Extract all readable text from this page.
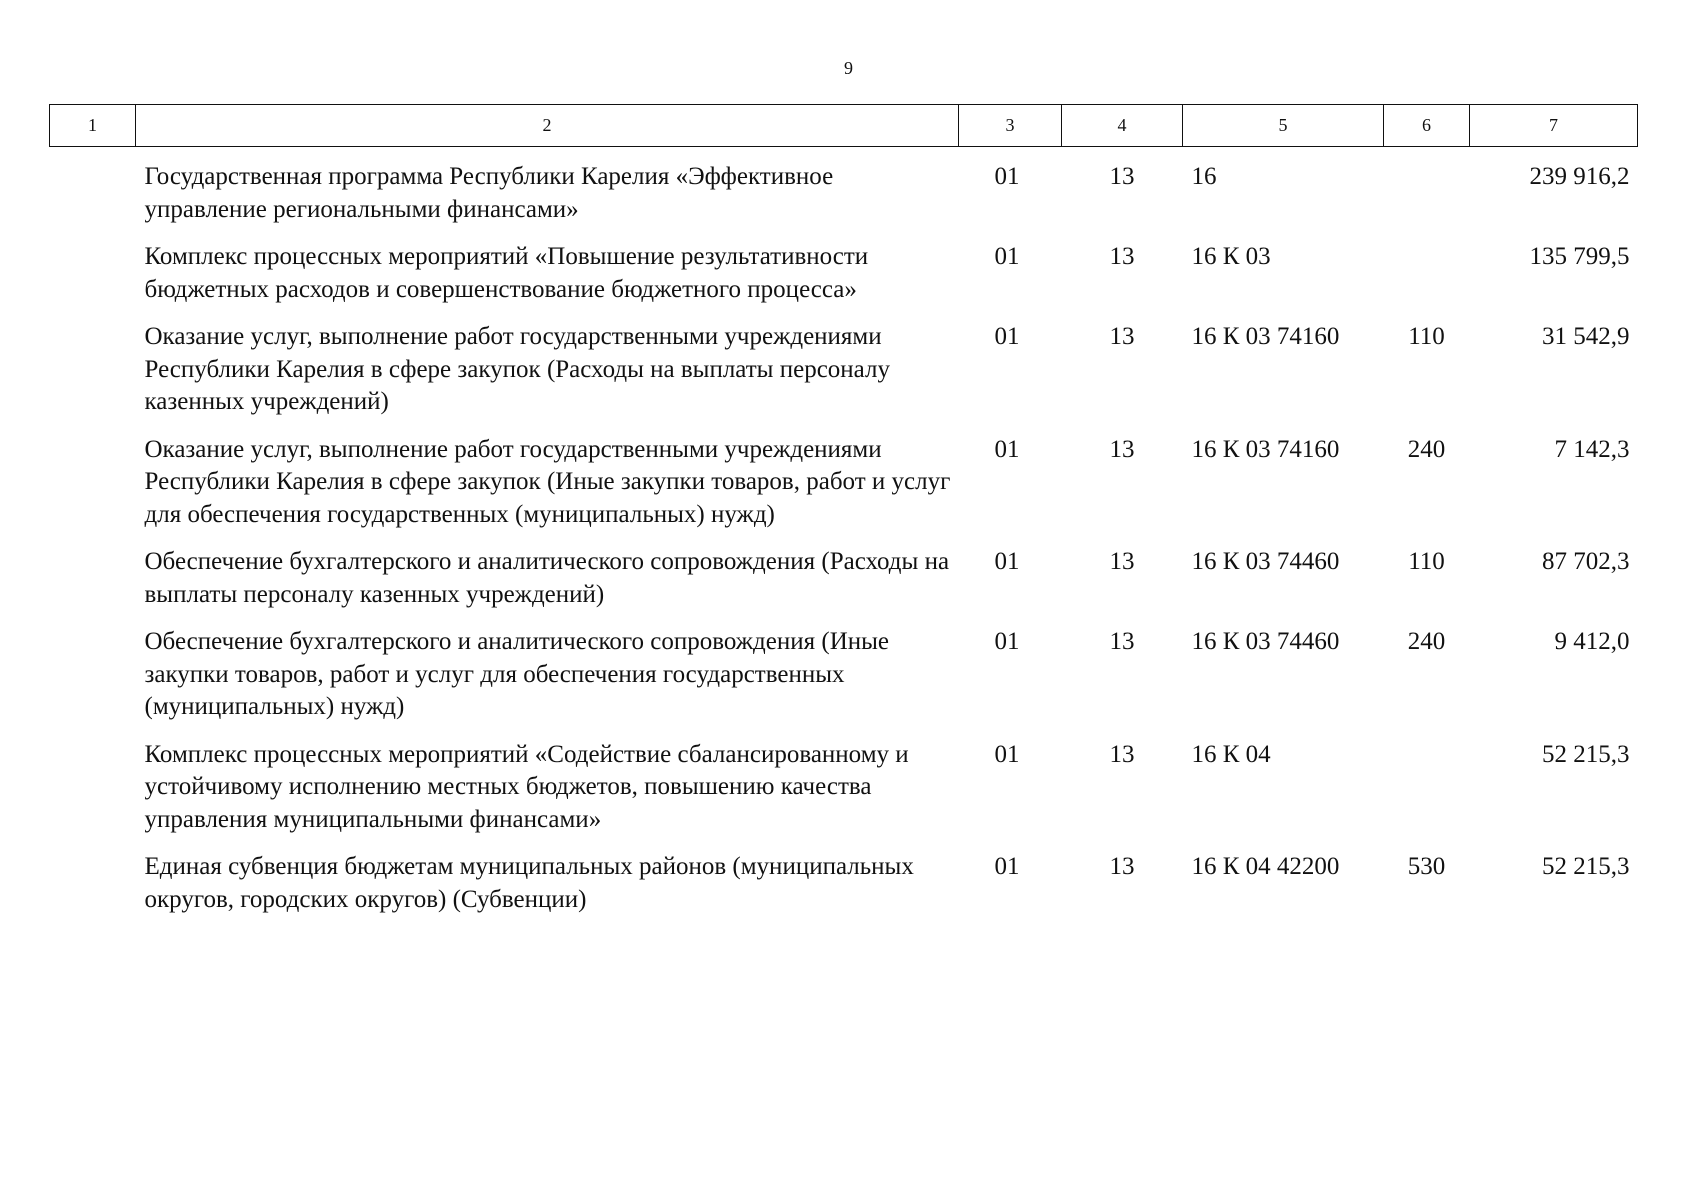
9
1	2	3	4	5	6	7
	Государственная программа Республики Карелия «Эффективное управление региональными финансами»	01	13	16		239 916,2
	Комплекс процессных мероприятий «Повышение результативности бюджетных расходов и совершенствование бюджетного процесса»	01	13	16 К 03		135 799,5
	Оказание услуг, выполнение работ государственными учреждениями Республики Карелия в сфере закупок (Расходы на выплаты персоналу казенных учреждений)	01	13	16 К 03 74160	110	31 542,9
	Оказание услуг, выполнение работ государственными учреждениями Республики Карелия в сфере закупок (Иные закупки товаров, работ и услуг для обеспечения государственных (муниципальных) нужд)	01	13	16 К 03 74160	240	7 142,3
	Обеспечение бухгалтерского и аналитического сопровождения (Расходы на выплаты персоналу казенных учреждений)	01	13	16 К 03 74460	110	87 702,3
	Обеспечение бухгалтерского и аналитического сопровождения (Иные закупки товаров, работ и услуг для обеспечения государственных (муниципальных) нужд)	01	13	16 К 03 74460	240	9 412,0
	Комплекс процессных мероприятий «Содействие сбалансированному и устойчивому исполнению местных бюджетов, повышению качества управления муниципальными финансами»	01	13	16 К 04		52 215,3
	Единая субвенция бюджетам муниципальных районов (муниципальных округов, городских округов) (Субвенции)	01	13	16 К 04 42200	530	52 215,3
